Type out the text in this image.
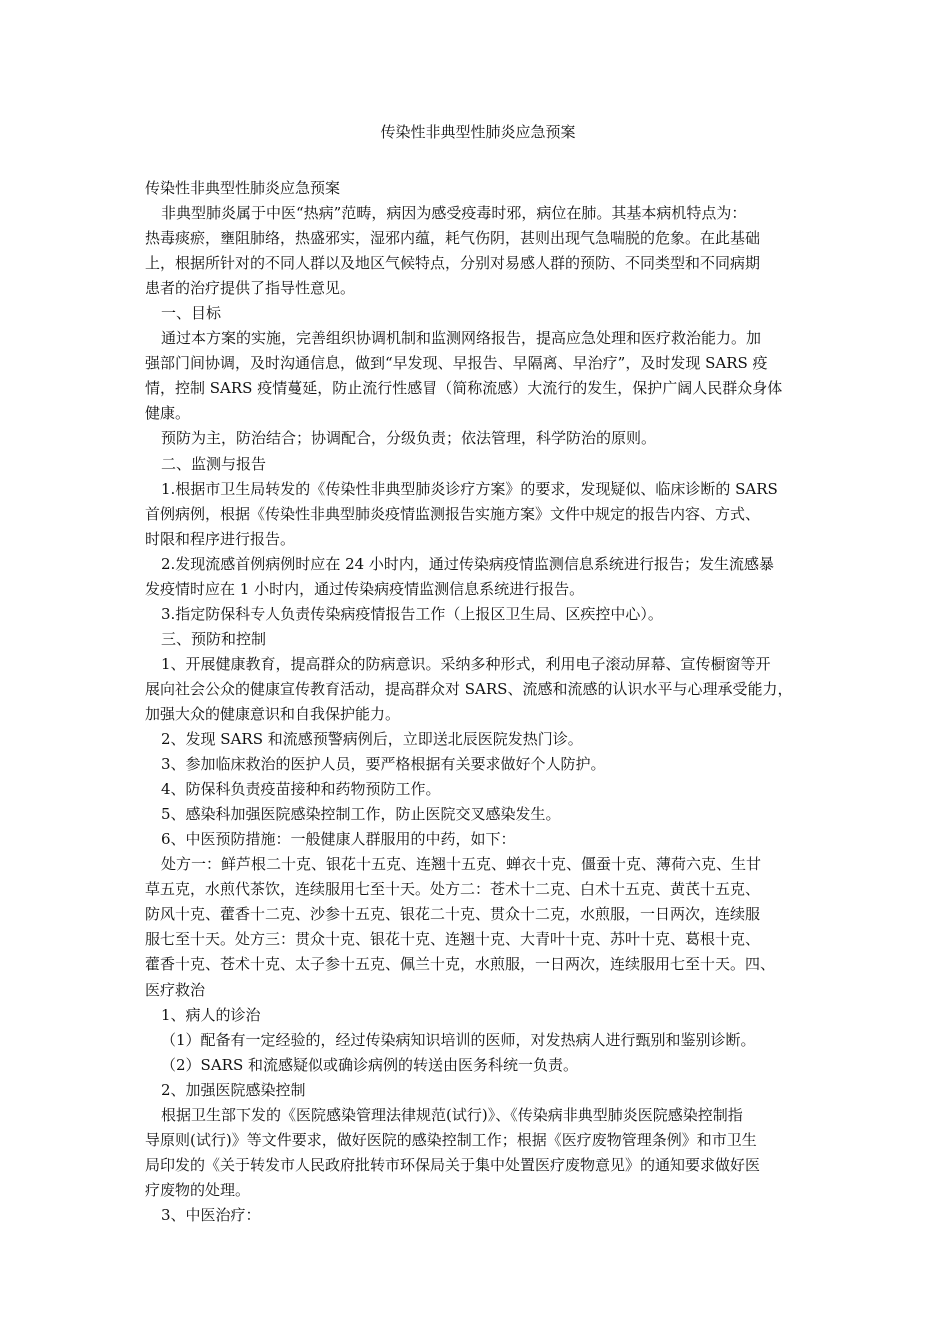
传染性非典型性肺炎应急预案

传染性非典型性肺炎应急预案

非典型肺炎属于中医“热病”范畴，病因为感受疫毒时邪，病位在肺。其基本病机特点为：

热毒痰瘀，壅阻肺络，热盛邪实，湿邪内蕴，耗气伤阴，甚则出现气急喘脱的危象。在此基础

上，根据所针对的不同人群以及地区气候特点，分别对易感人群的预防、不同类型和不同病期

患者的治疗提供了指导性意见。

一、目标

通过本方案的实施，完善组织协调机制和监测网络报告，提高应急处理和医疗救治能力。加

强部门间协调，及时沟通信息，做到“早发现、早报告、早隔离、早治疗”，及时发现 SARS 疫

情，控制 SARS 疫情蔓延，防止流行性感冒（简称流感）大流行的发生，保护广阔人民群众身体

健康。

预防为主，防治结合；协调配合，分级负责；依法管理，科学防治的原则。

二、监测与报告

1.根据市卫生局转发的《传染性非典型肺炎诊疗方案》的要求，发现疑似、临床诊断的 SARS

首例病例，根据《传染性非典型肺炎疫情监测报告实施方案》文件中规定的报告内容、方式、

时限和程序进行报告。

2.发现流感首例病例时应在 24 小时内，通过传染病疫情监测信息系统进行报告；发生流感暴

发疫情时应在 1 小时内，通过传染病疫情监测信息系统进行报告。

3.指定防保科专人负责传染病疫情报告工作（上报区卫生局、区疾控中心）。

三、预防和控制

1、开展健康教育，提高群众的防病意识。采纳多种形式，利用电子滚动屏幕、宣传橱窗等开

展向社会公众的健康宣传教育活动，提高群众对 SARS、流感和流感的认识水平与心理承受能力，

加强大众的健康意识和自我保护能力。

2、发现 SARS 和流感预警病例后，立即送北辰医院发热门诊。

3、参加临床救治的医护人员，要严格根据有关要求做好个人防护。

4、防保科负责疫苗接种和药物预防工作。

5、感染科加强医院感染控制工作，防止医院交叉感染发生。

6、中医预防措施：一般健康人群服用的中药，如下：

处方一：鲜芦根二十克、银花十五克、连翘十五克、蝉衣十克、僵蚕十克、薄荷六克、生甘

草五克，水煎代茶饮，连续服用七至十天。处方二：苍术十二克、白术十五克、黄芪十五克、

防风十克、藿香十二克、沙参十五克、银花二十克、贯众十二克，水煎服，一日两次，连续服

服七至十天。处方三：贯众十克、银花十克、连翘十克、大青叶十克、苏叶十克、葛根十克、

藿香十克、苍术十克、太子参十五克、佩兰十克，水煎服，一日两次，连续服用七至十天。四、

医疗救治

1、病人的诊治

（1）配备有一定经验的，经过传染病知识培训的医师，对发热病人进行甄别和鉴别诊断。

（2）SARS 和流感疑似或确诊病例的转送由医务科统一负责。

2、加强医院感染控制

根据卫生部下发的《医院感染管理法律规范(试行)》、《传染病非典型肺炎医院感染控制指

导原则(试行)》等文件要求，做好医院的感染控制工作；根据《医疗废物管理条例》和市卫生

局印发的《关于转发市人民政府批转市环保局关于集中处置医疗废物意见》的通知要求做好医

疗废物的处理。

3、中医治疗：
